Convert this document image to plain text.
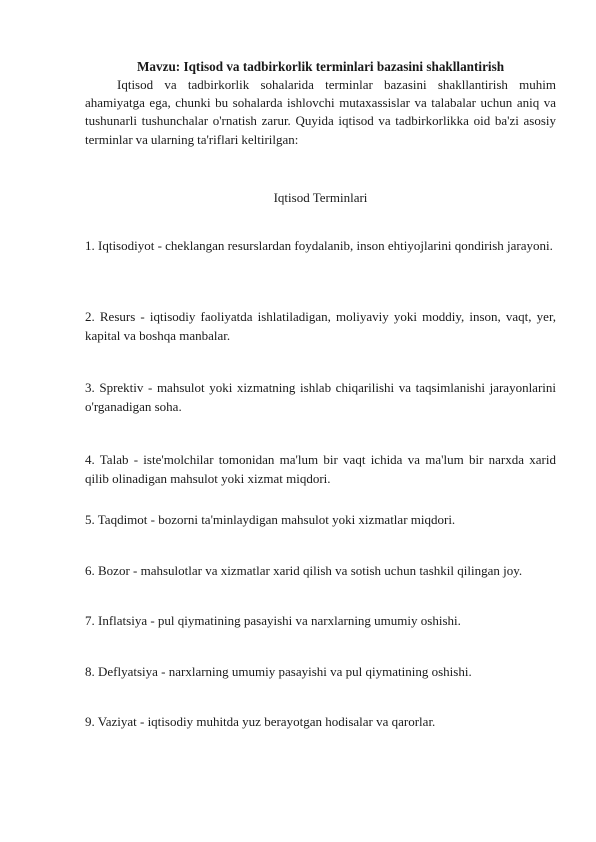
Mavzu: Iqtisod va tadbirkorlik terminlari bazasini shakllantirish

Iqtisod va tadbirkorlik sohalarida terminlar bazasini shakllantirish muhim ahamiyatga ega, chunki bu sohalarda ishlovchi mutaxassislar va talabalar uchun aniq va tushunarli tushunchalar o'rnatish zarur. Quyida iqtisod va tadbirkorlikka oid ba'zi asosiy terminlar va ularning ta'riflari keltirilgan:

Iqtisod Terminlari

1. Iqtisodiyot - cheklangan resurslardan foydalanib, inson ehtiyojlarini qondirish jarayoni.

2. Resurs - iqtisodiy faoliyatda ishlatiladigan, moliyaviy yoki moddiy, inson, vaqt, yer, kapital va boshqa manbalar.

3. Sprektiv - mahsulot yoki xizmatning ishlab chiqarilishi va taqsimlanishi jarayonlarini o'rganadigan soha.

4. Talab - iste'molchilar tomonidan ma'lum bir vaqt ichida va ma'lum bir narxda xarid qilib olinadigan mahsulot yoki xizmat miqdori.

5. Taqdimot - bozorni ta'minlaydigan mahsulot yoki xizmatlar miqdori.

6. Bozor - mahsulotlar va xizmatlar xarid qilish va sotish uchun tashkil qilingan joy.

7. Inflatsiya - pul qiymatining pasayishi va narxlarning umumiy oshishi.

8. Deflyatsiya - narxlarning umumiy pasayishi va pul qiymatining oshishi.

9. Vaziyat - iqtisodiy muhitda yuz berayotgan hodisalar va qarorlar.
